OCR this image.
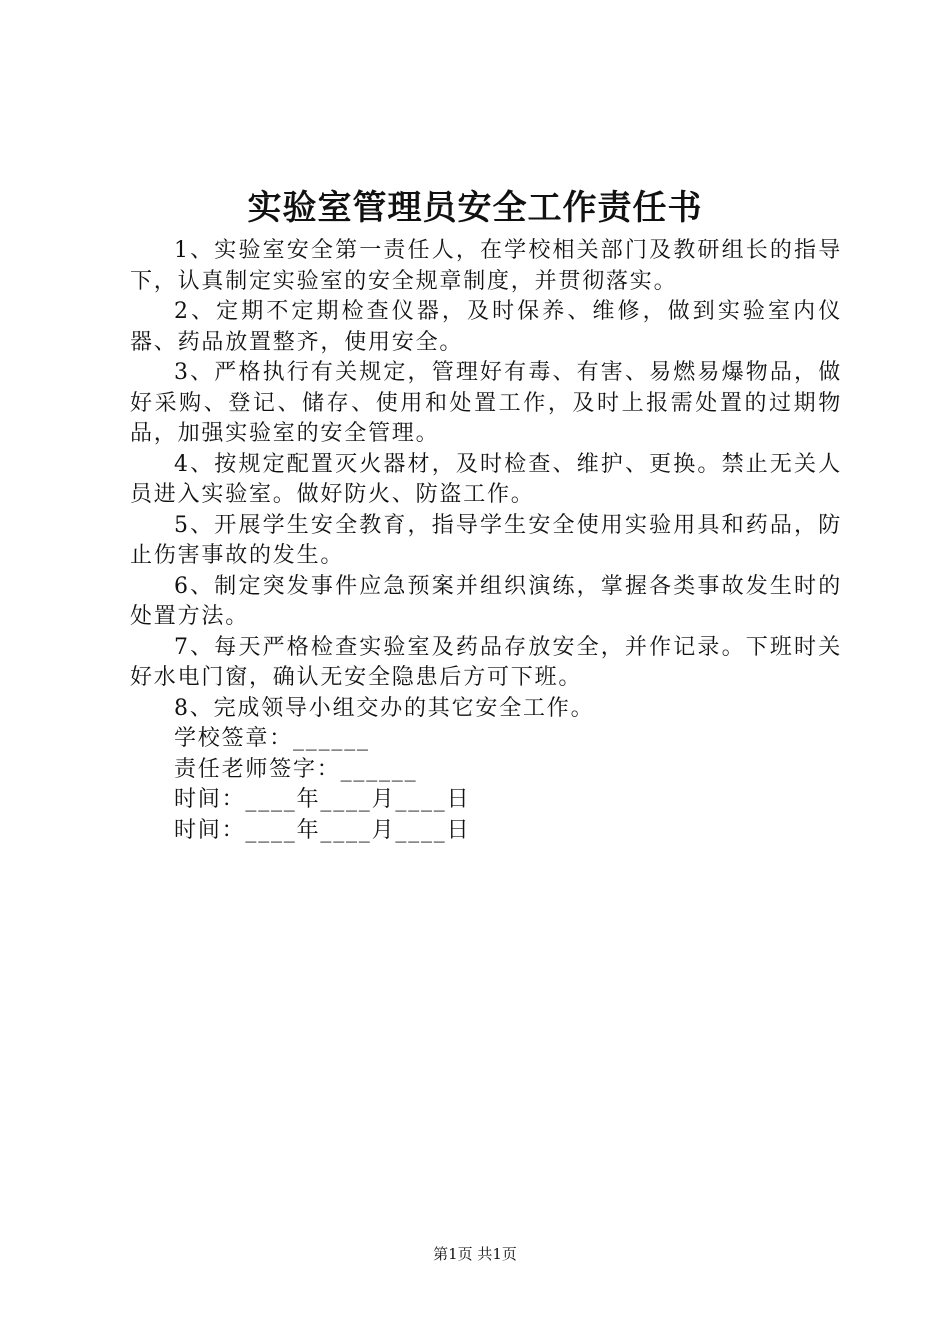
实验室管理员安全工作责任书

1、实验室安全第一责任人，在学校相关部门及教研组长的指导下，认真制定实验室的安全规章制度，并贯彻落实。

2、定期不定期检查仪器，及时保养、维修，做到实验室内仪器、药品放置整齐，使用安全。

3、严格执行有关规定，管理好有毒、有害、易燃易爆物品，做好采购、登记、储存、使用和处置工作，及时上报需处置的过期物品，加强实验室的安全管理。

4、按规定配置灭火器材，及时检查、维护、更换。禁止无关人员进入实验室。做好防火、防盗工作。

5、开展学生安全教育，指导学生安全使用实验用具和药品，防止伤害事故的发生。

6、制定突发事件应急预案并组织演练，掌握各类事故发生时的处置方法。

7、每天严格检查实验室及药品存放安全，并作记录。下班时关好水电门窗，确认无安全隐患后方可下班。

8、完成领导小组交办的其它安全工作。

学校签章：______

责任老师签字：______

时间：____年____月____日

时间：____年____月____日

第1页 共1页
